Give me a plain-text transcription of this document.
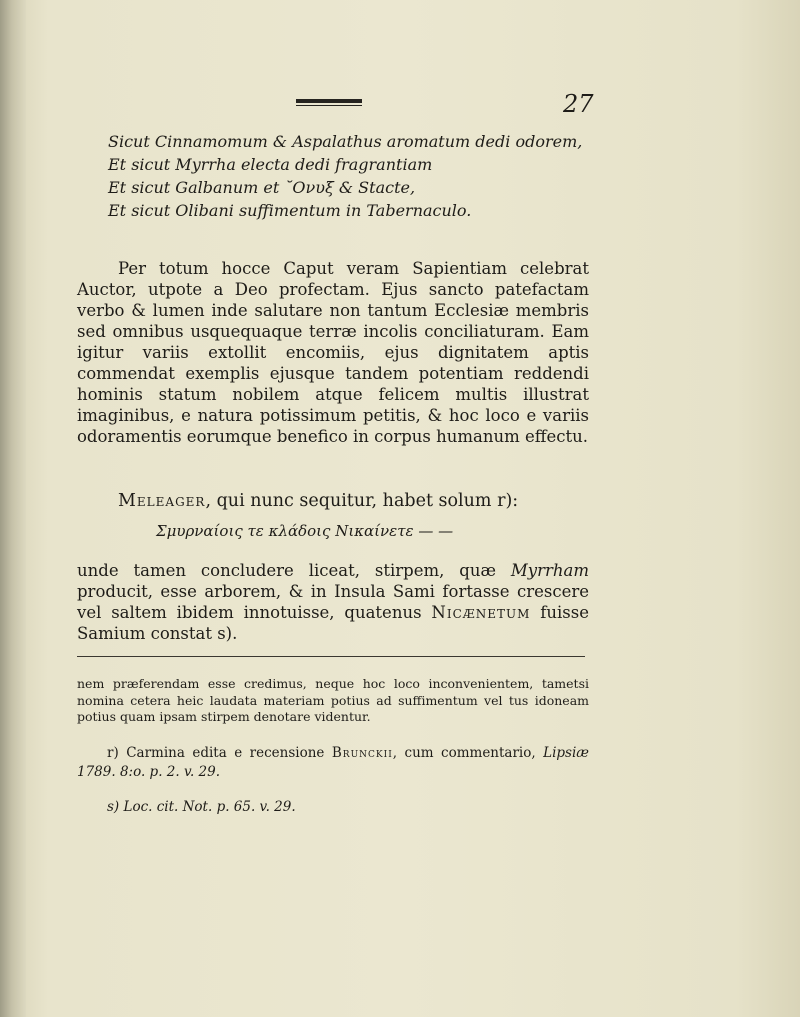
27
Sicut Cinnamomum & Aspalathus aromatum dedi odorem,
Et sicut Myrrha electa dedi fragrantiam
Et sicut Galbanum et ˘Ονυξ & Stacte,
Et sicut Olibani suffimentum in Tabernaculo.

Per totum hocce Caput veram Sapientiam celebrat Auctor, utpote a Deo profectam. Ejus sancto patefactam verbo & lumen inde salutare non tantum Ecclesiæ membris sed omnibus usquequaque terræ incolis conciliaturam. Eam igitur variis extollit encomiis, ejus dignitatem aptis commendat exemplis ejusque tandem potentiam reddendi hominis statum nobilem atque felicem multis illustrat imaginibus, e natura potissimum petitis, & hoc loco e variis odoramentis eorumque benefico in corpus humanum effectu.

Meleager, qui nunc sequitur, habet solum r):
Σμυρναίοις τε κλάδοις Νικαίνετε — —

unde tamen concludere liceat, stirpem, quæ Myrrham producit, esse arborem, & in Insula Sami fortasse crescere vel saltem ibidem innotuisse, quatenus Nicænetum fuisse Samium constat s).

nem præferendam esse credimus, neque hoc loco inconvenientem, tametsi nomina cetera heic laudata materiam potius ad suffimentum vel tus idoneam potius quam ipsam stirpem denotare videntur.

r) Carmina edita e recensione Brunckii, cum commentario, Lipsiæ 1789. 8:o. p. 2. v. 29.

s) Loc. cit. Not. p. 65. v. 29.
